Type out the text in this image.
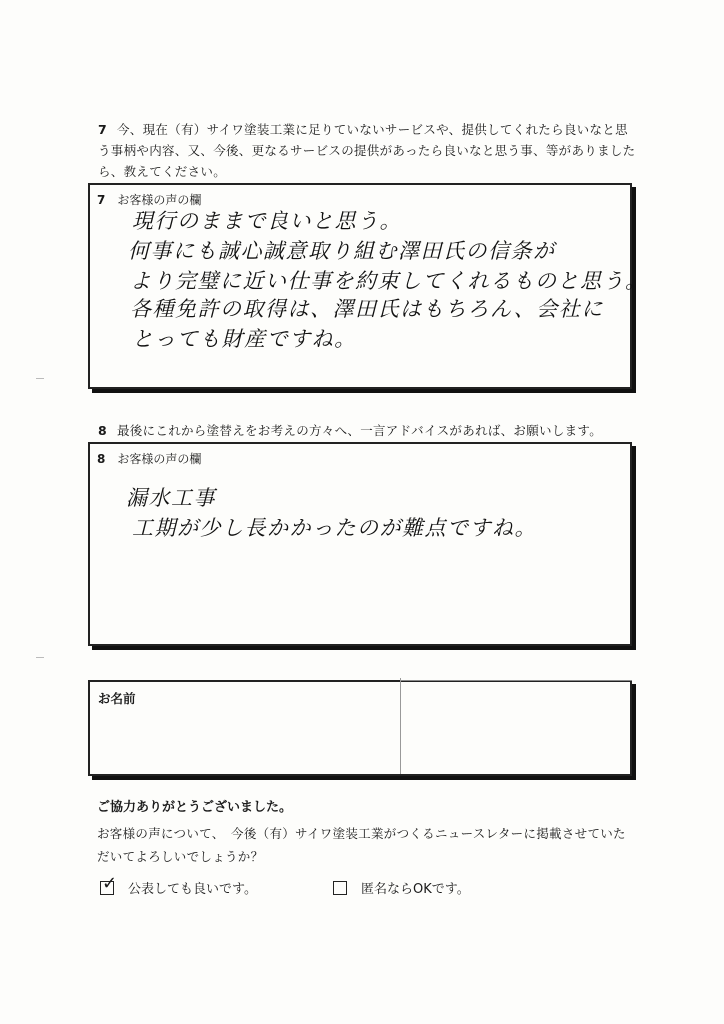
7 今、現在（有）サイワ塗装工業に足りていないサービスや、提供してくれたら良いなと思う事柄や内容、又、今後、更なるサービスの提供があったら良いなと思う事、等がありましたら、教えてください。
7 お客様の声の欄
現行のままで良いと思う。
何事にも誠心誠意取り組む澤田氏の信条が
より完璧に近い仕事を約束してくれるものと思う。
各種免許の取得は、澤田氏はもちろん、会社に
とっても財産ですね。
8 最後にこれから塗替えをお考えの方々へ、一言アドバイスがあれば、お願いします。
8 お客様の声の欄
漏水工事
工期が少し長かかったのが難点ですね。
お名前
ご協力ありがとうございました。
お客様の声について、　今後（有）サイワ塗装工業がつくるニュースレターに掲載させていただいてよろしいでしょうか？
✓ 公表しても良いです。	匿名ならOKです。
